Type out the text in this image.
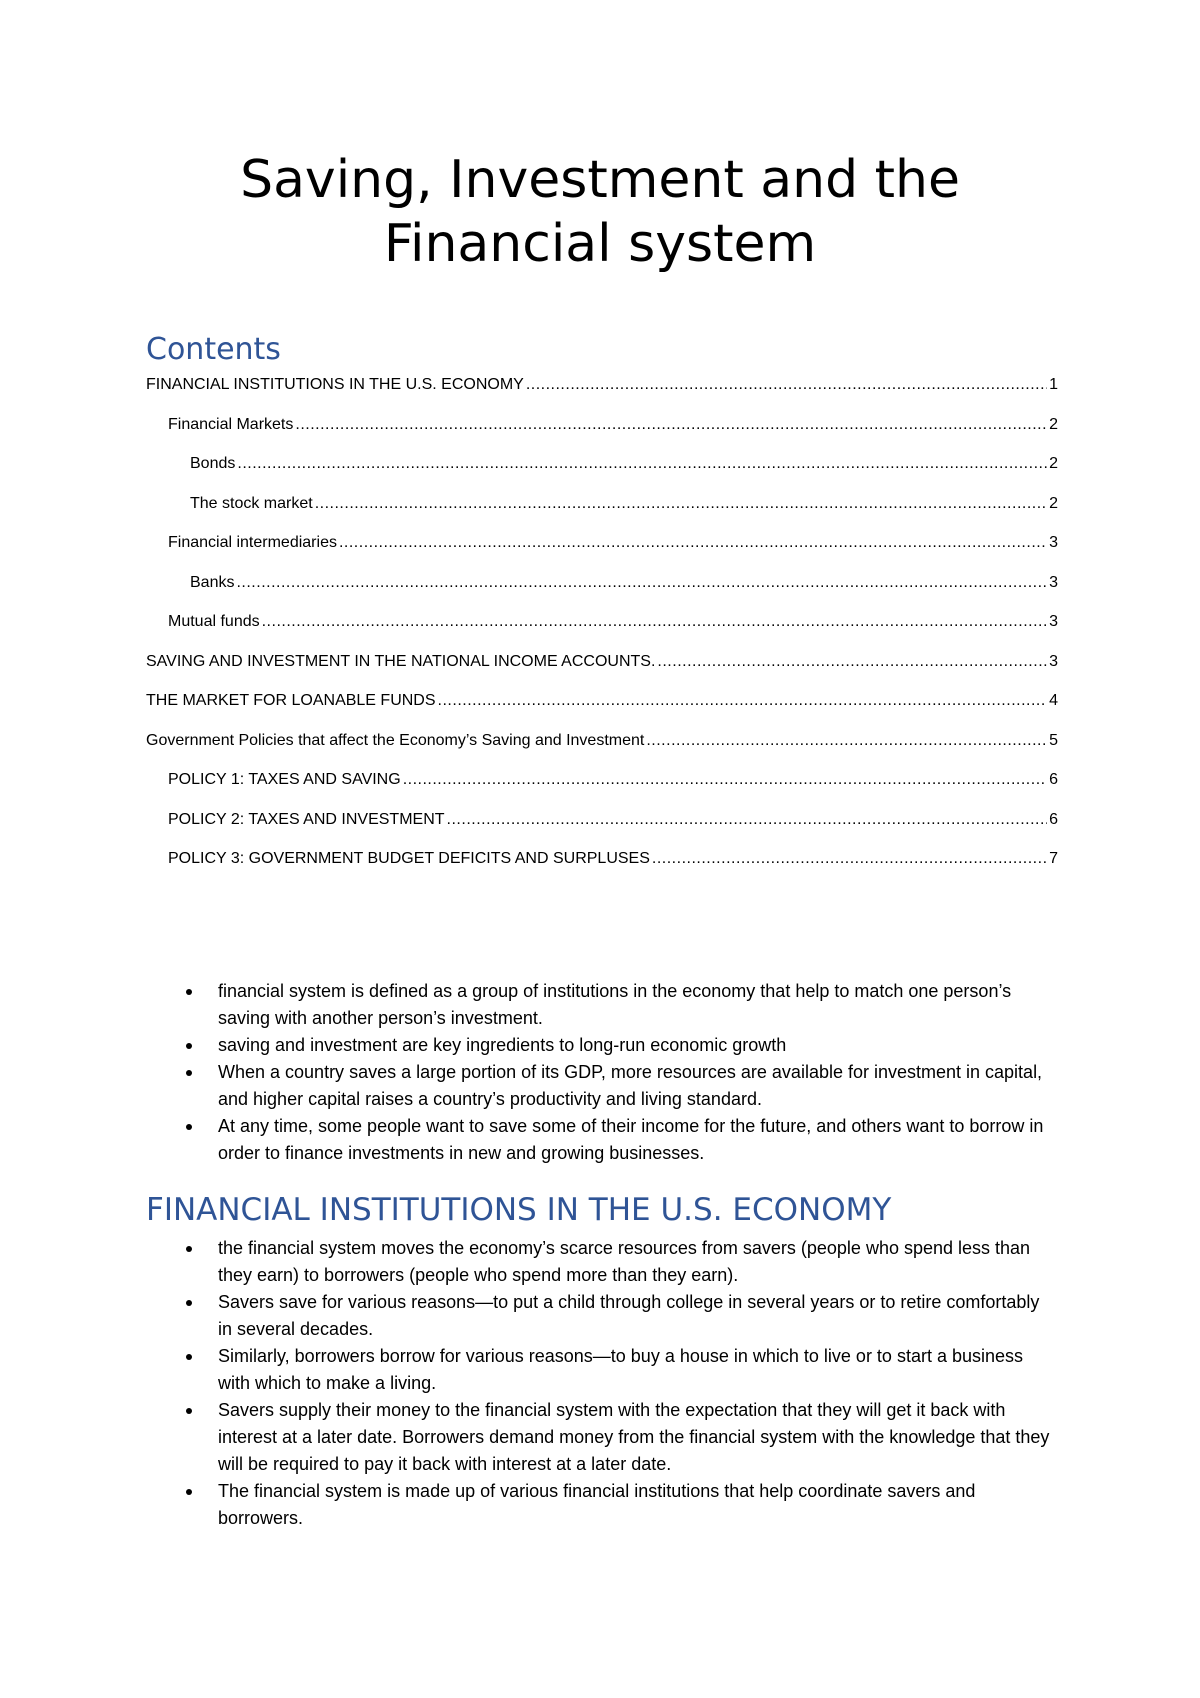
Saving, Investment and the
Financial system
Contents
FINANCIAL INSTITUTIONS IN THE U.S. ECONOMY .....	1
Financial Markets .....	2
Bonds .....	2
The stock market .....	2
Financial intermediaries .....	3
Banks .....	3
Mutual funds .....	3
SAVING AND INVESTMENT IN THE NATIONAL INCOME ACCOUNTS. .....	3
THE MARKET FOR LOANABLE FUNDS .....	4
Government Policies that affect the Economy’s Saving and Investment .....	5
POLICY 1: TAXES AND SAVING .....	6
POLICY 2: TAXES AND INVESTMENT .....	6
POLICY 3: GOVERNMENT BUDGET DEFICITS AND SURPLUSES .....	7
financial system is defined as a group of institutions in the economy that help to match one person’s saving with another person’s investment.
saving and investment are key ingredients to long-run economic growth
When a country saves a large portion of its GDP, more resources are available for investment in capital, and higher capital raises a country’s productivity and living standard.
At any time, some people want to save some of their income for the future, and others want to borrow in order to finance investments in new and growing businesses.
FINANCIAL INSTITUTIONS IN THE U.S. ECONOMY
the financial system moves the economy’s scarce resources from savers (people who spend less than they earn) to borrowers (people who spend more than they earn).
Savers save for various reasons—to put a child through college in several years or to retire comfortably in several decades.
Similarly, borrowers borrow for various reasons—to buy a house in which to live or to start a business with which to make a living.
Savers supply their money to the financial system with the expectation that they will get it back with interest at a later date. Borrowers demand money from the financial system with the knowledge that they will be required to pay it back with interest at a later date.
The financial system is made up of various financial institutions that help coordinate savers and borrowers.
